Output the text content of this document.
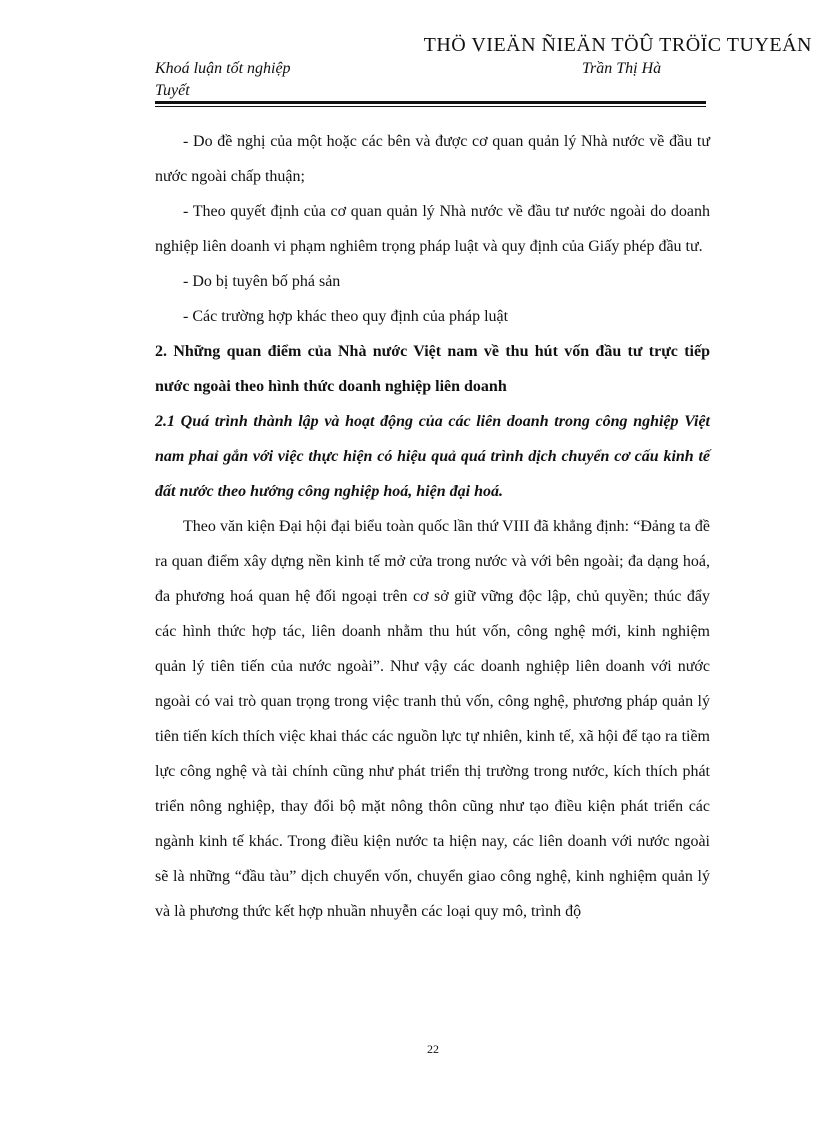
THÖ VIEÄN ÑIEÄN TÖÛ TRÖÏC TUYEÁN
Khoá luận tốt nghiệp
Tuyết
Trần Thị Hà

- Do đề nghị của một hoặc các bên và được cơ quan quản lý Nhà nước về đầu tư nước ngoài chấp thuận;

- Theo quyết định của cơ quan quản lý Nhà nước về đầu tư nước ngoài do doanh nghiệp liên doanh vi phạm nghiêm trọng pháp luật và quy định của Giấy phép đầu tư.

- Do bị tuyên bố phá sản

- Các trường hợp khác theo quy định của pháp luật

2. Những quan điểm của Nhà nước Việt nam về thu hút vốn đầu tư trực tiếp nước ngoài theo hình thức doanh nghiệp liên doanh

2.1 Quá trình thành lập và hoạt động của các liên doanh trong công nghiệp Việt nam phaỉ gắn với việc thực hiện có hiệu quả quá trình dịch chuyển cơ cấu kinh tế đất nước theo hướng công nghiệp hoá, hiện đại hoá.

Theo văn kiện Đại hội đại biểu toàn quốc lần thứ VIII đã khẳng định: “Đảng ta đề ra quan điểm xây dựng nền kinh tế mở cửa trong nước và với bên ngoài; đa dạng hoá, đa phương hoá quan hệ đối ngoại trên cơ sở giữ vững độc lập, chủ quyền; thúc đẩy các hình thức hợp tác, liên doanh nhằm thu hút vốn, công nghệ mới, kinh nghiệm quản lý tiên tiến của nước ngoài”. Như vậy các doanh nghiệp liên doanh với nước ngoài có vai trò quan trọng trong việc tranh thủ vốn, công nghệ, phương pháp quản lý tiên tiến kích thích việc khai thác các nguồn lực tự nhiên, kinh tế, xã hội để tạo ra tiềm lực công nghệ và tài chính cũng như phát triển thị trường trong nước, kích thích phát triển nông nghiệp, thay đổi bộ mặt nông thôn cũng như tạo điều kiện phát triển các ngành kinh tế khác. Trong điều kiện nước ta hiện nay, các liên doanh với nước ngoài sẽ là những “đầu tàu” dịch chuyển vốn, chuyển giao công nghệ, kinh nghiệm quản lý và là phương thức kết hợp nhuần nhuyễn các loại quy mô, trình độ

22
